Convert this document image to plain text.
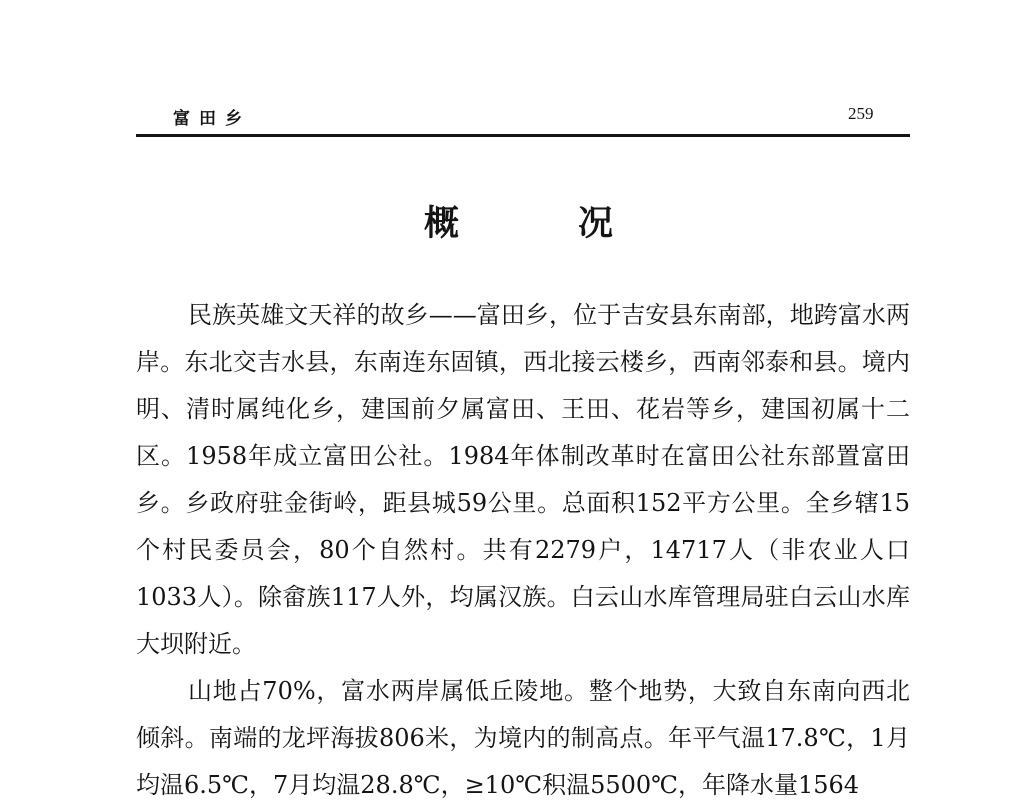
富田乡	259
概	况

民族英雄文天祥的故乡——富田乡，位于吉安县东南部，地跨富水两岸。东北交吉水县，东南连东固镇，西北接云楼乡，西南邻泰和县。境内明、清时属纯化乡，建国前夕属富田、王田、花岩等乡，建国初属十二区。1958年成立富田公社。1984年体制改革时在富田公社东部置富田乡。乡政府驻金街岭，距县城59公里。总面积152平方公里。全乡辖15个村民委员会，80个自然村。共有2279户，14717人（非农业人口1033人）。除畲族117人外，均属汉族。白云山水库管理局驻白云山水库大坝附近。

山地占70%，富水两岸属低丘陵地。整个地势，大致自东南向西北倾斜。南端的龙坪海拔806米，为境内的制高点。年平气温17.8℃，1月均温6.5℃，7月均温28.8℃，≥10℃积温5500℃，年降水量1564
